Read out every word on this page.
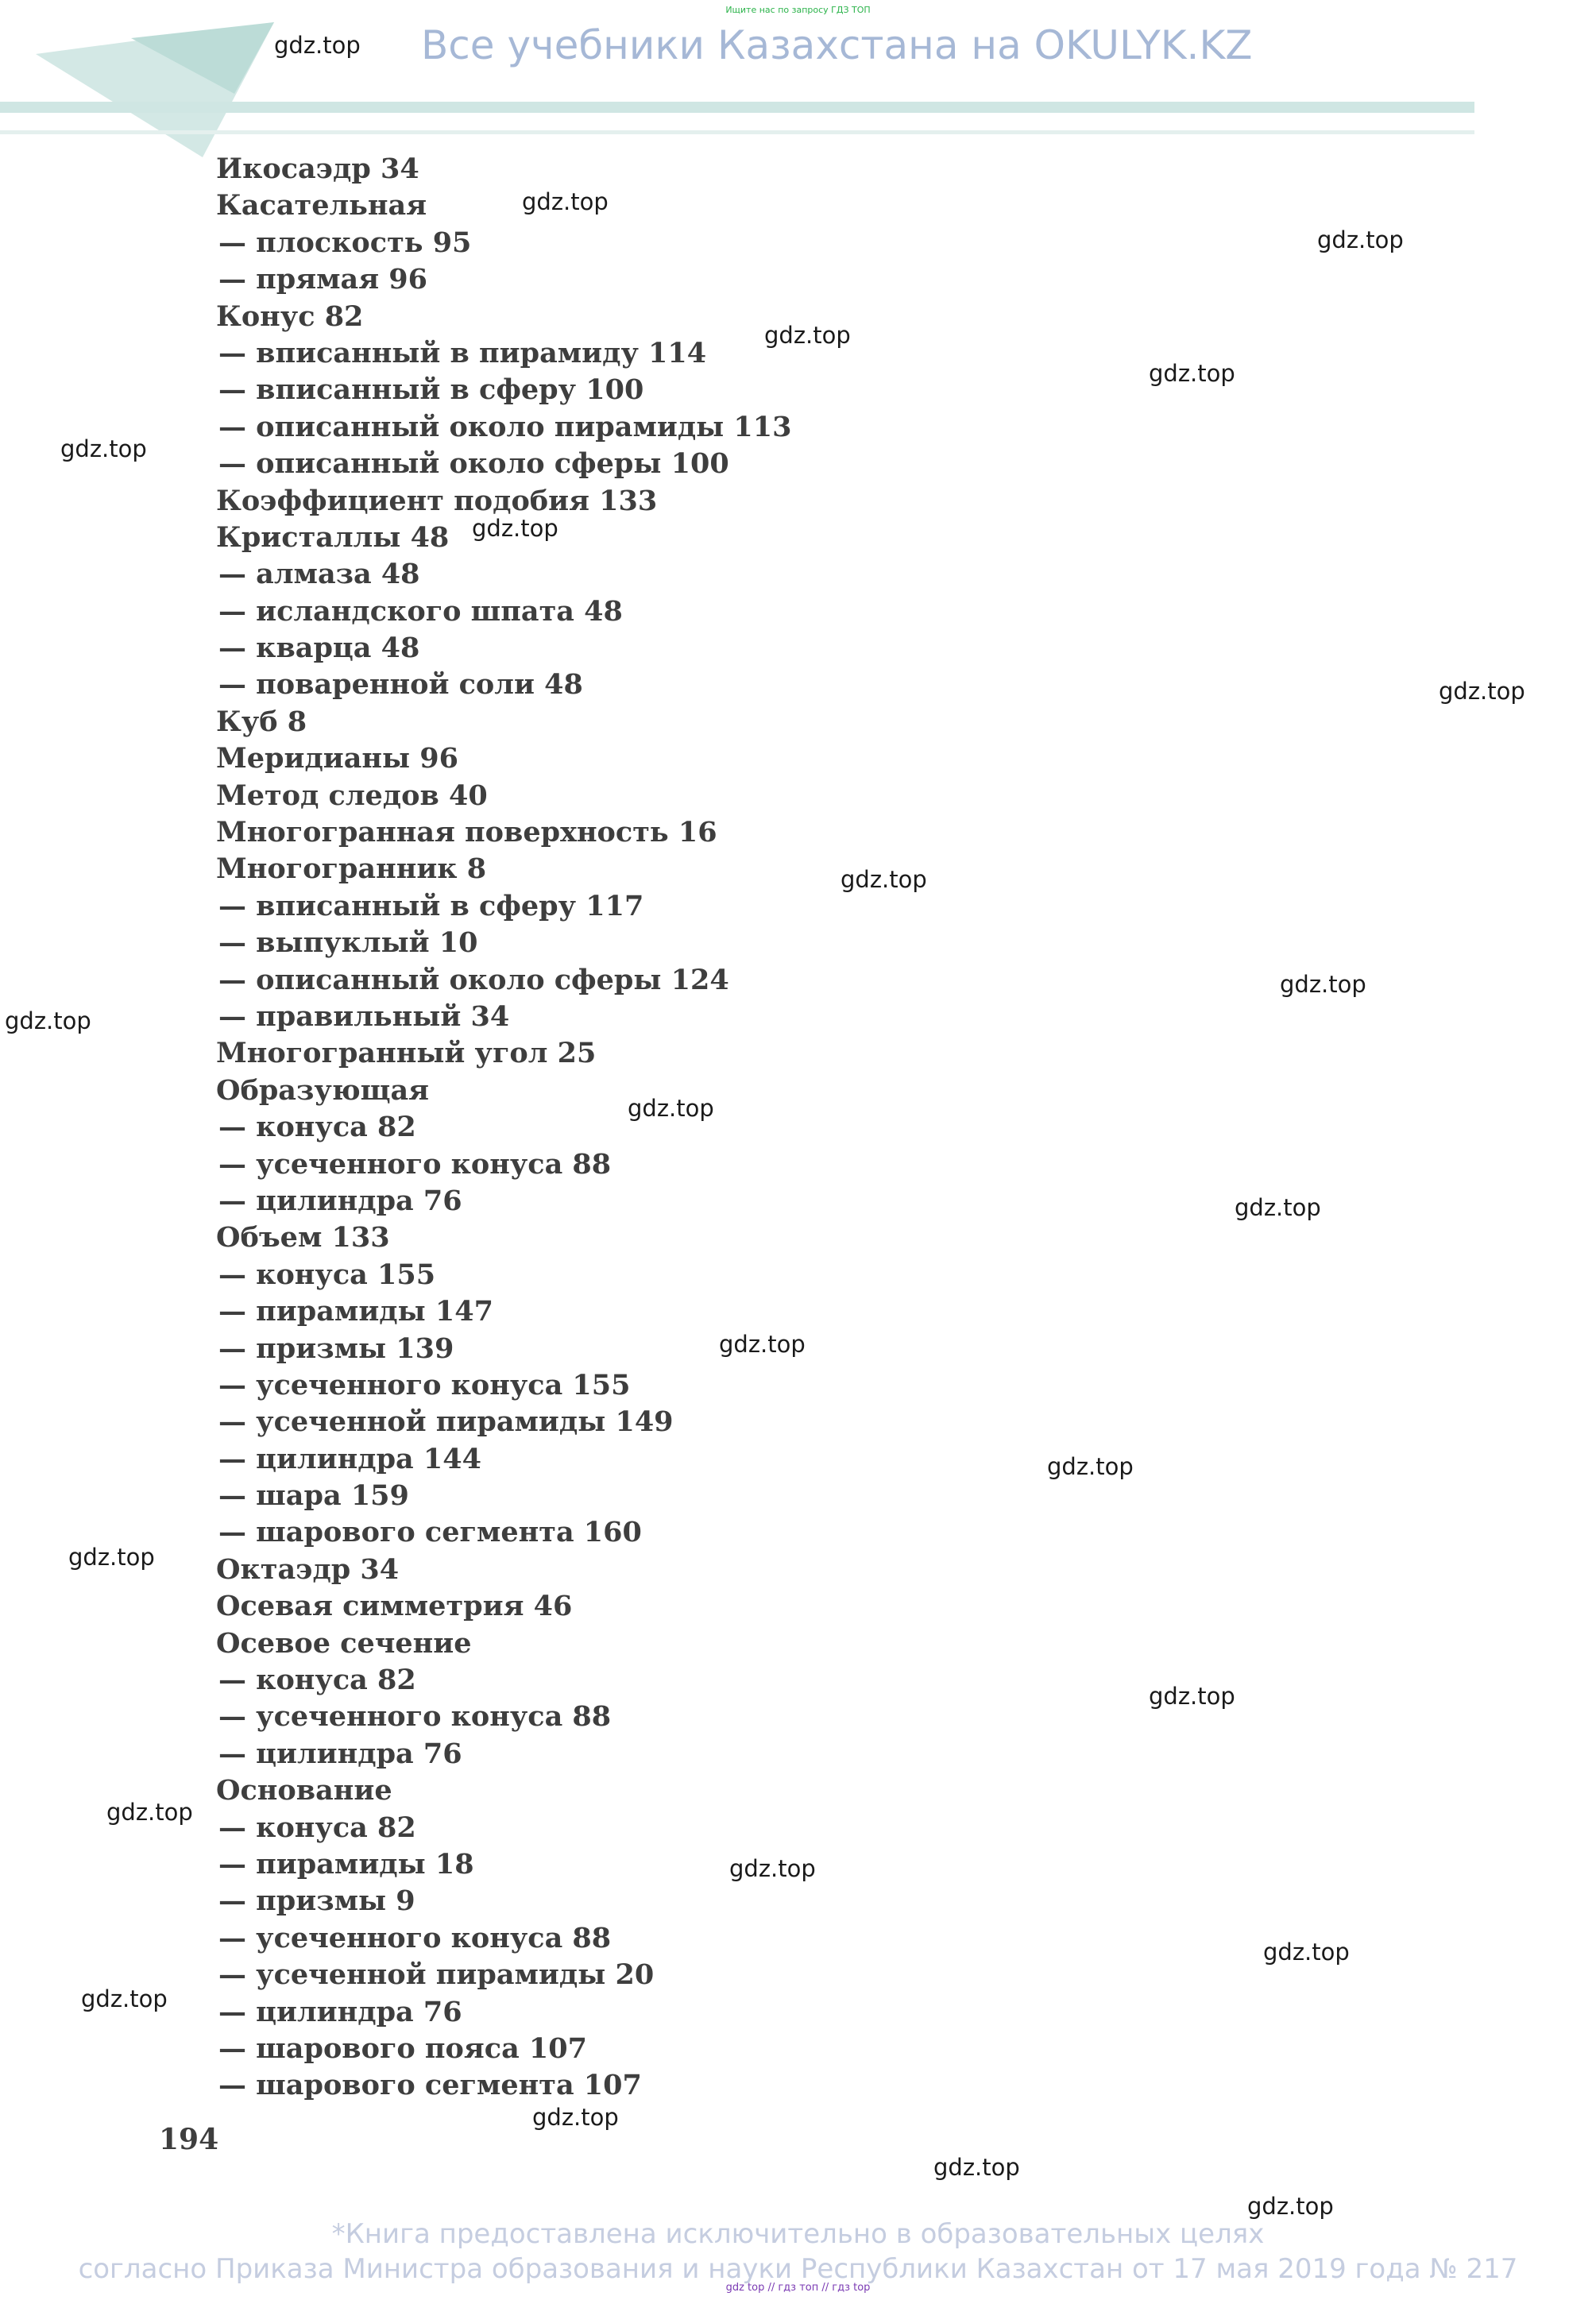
Ищите нас по запросу ГДЗ ТОП
Все учебники Казахстана на OKULYK.KZ
Икосаэдр 34
Касательная
— плоскость 95
— прямая 96
Конус 82
— вписанный в пирамиду 114
— вписанный в сферу 100
— описанный около пирамиды 113
— описанный около сферы 100
Коэффициент подобия 133
Кристаллы 48
— алмаза 48
— исландского шпата 48
— кварца 48
— поваренной соли 48
Куб 8
Меридианы 96
Метод следов 40
Многогранная поверхность 16
Многогранник 8
— вписанный в сферу 117
— выпуклый 10
— описанный около сферы 124
— правильный 34
Многогранный угол 25
Образующая
— конуса 82
— усеченного конуса 88
— цилиндра 76
Объем 133
— конуса 155
— пирамиды 147
— призмы 139
— усеченного конуса 155
— усеченной пирамиды 149
— цилиндра 144
— шара 159
— шарового сегмента 160
Октаэдр 34
Осевая симметрия 46
Осевое сечение
— конуса 82
— усеченного конуса 88
— цилиндра 76
Основание
— конуса 82
— пирамиды 18
— призмы 9
— усеченного конуса 88
— усеченной пирамиды 20
— цилиндра 76
— шарового пояса 107
— шарового сегмента 107
194
gdz.top
gdz.top
gdz.top
gdz.top
gdz.top
gdz.top
gdz.top
gdz.top
gdz.top
gdz.top
gdz.top
gdz.top
gdz.top
gdz.top
gdz.top
gdz.top
gdz.top
gdz.top
gdz.top
gdz.top
gdz.top
gdz.top
gdz.top
gdz.top
*Книга предоставлена исключительно в образовательных целях
согласно Приказа Министра образования и науки Республики Казахстан от 17 мая 2019 года № 217
gdz top // гдз топ // гдз top
